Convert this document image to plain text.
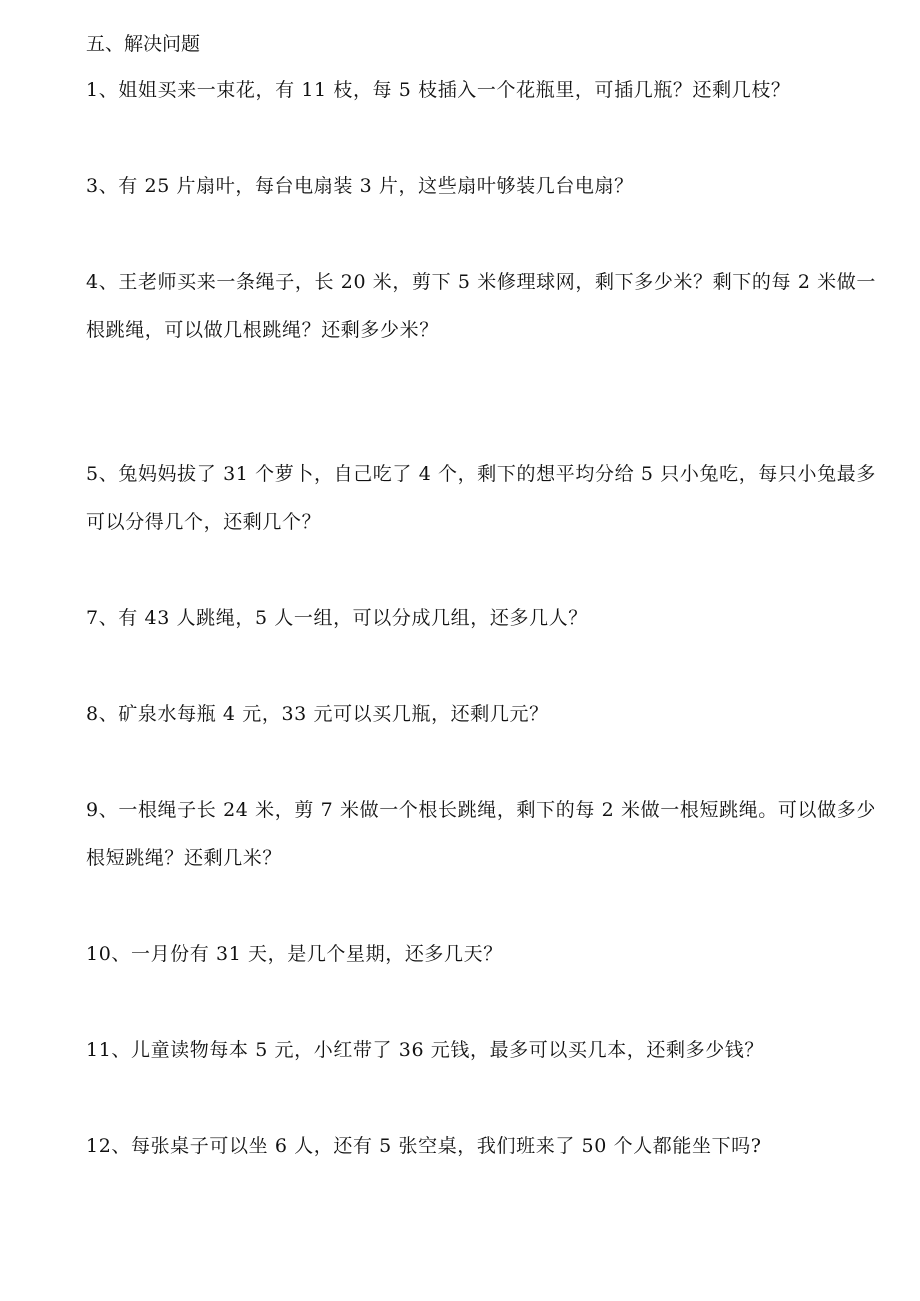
五、解决问题
1、姐姐买来一束花，有 11 枝，每 5 枝插入一个花瓶里，可插几瓶？还剩几枝？
3、有 25 片扇叶，每台电扇装 3 片，这些扇叶够装几台电扇？
4、王老师买来一条绳子，长 20 米，剪下 5 米修理球网，剩下多少米？剩下的每 2 米做一根跳绳，可以做几根跳绳？还剩多少米？
5、兔妈妈拔了 31 个萝卜，自己吃了 4 个，剩下的想平均分给 5 只小兔吃，每只小兔最多可以分得几个，还剩几个？
7、有 43 人跳绳，5 人一组，可以分成几组，还多几人？
8、矿泉水每瓶 4 元，33 元可以买几瓶，还剩几元？
9、一根绳子长 24 米，剪 7 米做一个根长跳绳，剩下的每 2 米做一根短跳绳。可以做多少根短跳绳？还剩几米？
10、一月份有 31 天，是几个星期，还多几天？
11、儿童读物每本 5 元，小红带了 36 元钱，最多可以买几本，还剩多少钱？
12、每张桌子可以坐 6 人，还有 5 张空桌，我们班来了 50 个人都能坐下吗?
